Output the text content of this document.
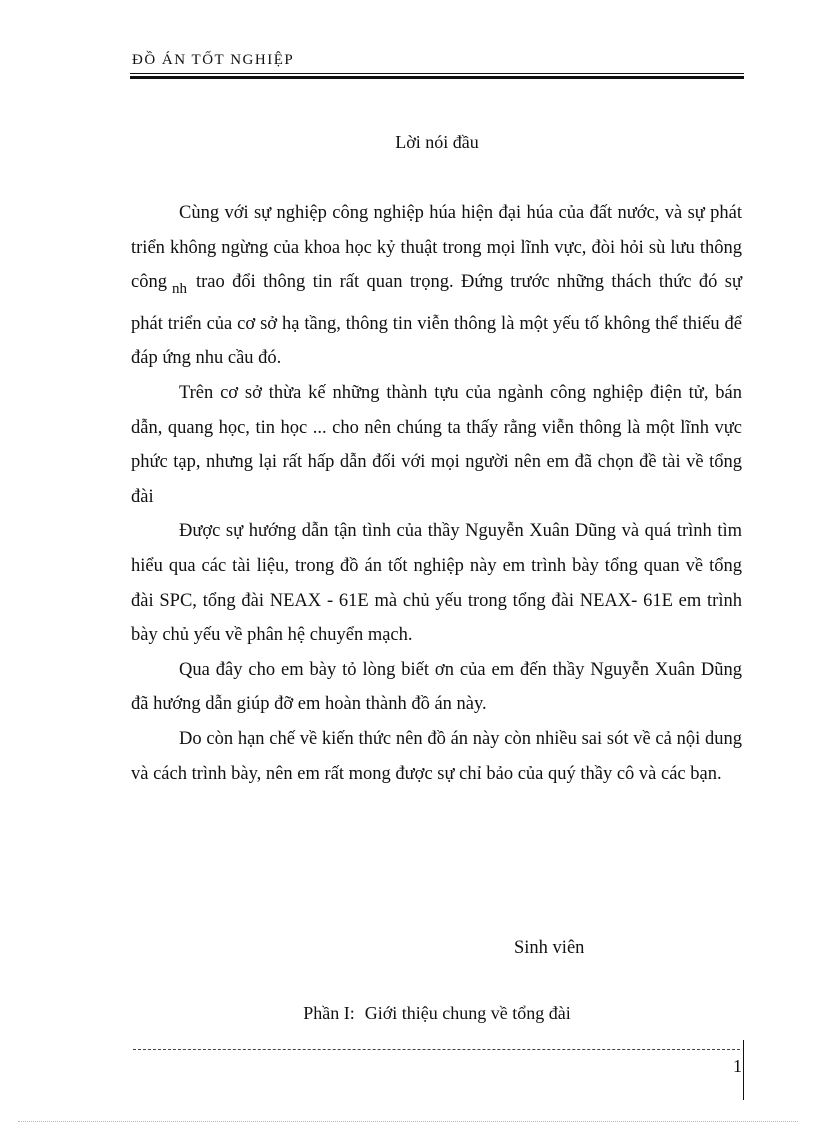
ĐỒ ÁN TỐT NGHIỆP
Lời nói đầu

Cùng với sự nghiệp công nghiệp húa hiện đại húa của đất nước, và sự phát triển không ngừng của khoa học kỷ thuật trong mọi lĩnh vực, đòi hỏi sù lưu thông công $_{nh}$ trao đổi thông tin rất quan trọng. Đứng trước những thách thức đó sự phát triển của cơ sở hạ tầng, thông tin viễn thông là một yếu tố không thể thiếu để đáp ứng nhu cầu đó.

Trên cơ sở thừa kế những thành tựu của ngành công nghiệp điện tử, bán dẫn, quang học, tin học ... cho nên chúng ta thấy rằng viễn thông là một lĩnh vực phức tạp, nhưng lại rất hấp dẫn đối với mọi người nên em đã chọn đề tài về tổng đài

Được sự hướng dẫn tận tình của thầy Nguyễn Xuân Dũng và quá trình tìm hiểu qua các tài liệu, trong đồ án tốt nghiệp này em trình bày tổng quan về tổng đài SPC, tổng đài NEAX - 61E mà chủ yếu trong tổng đài NEAX- 61E em trình bày chủ yếu về phân hệ chuyển mạch.

Qua đây cho em bày tỏ lòng biết ơn của em đến thầy Nguyễn Xuân Dũng đã hướng dẫn giúp đỡ em hoàn thành đồ án này.

Do còn hạn chế về kiến thức nên đồ án này còn nhiều sai sót về cả nội dung và cách trình bày, nên em rất mong được sự chỉ bảo của quý thầy cô và các bạn.

Sinh viên
Phần I: Giới thiệu chung về tổng đài
1
